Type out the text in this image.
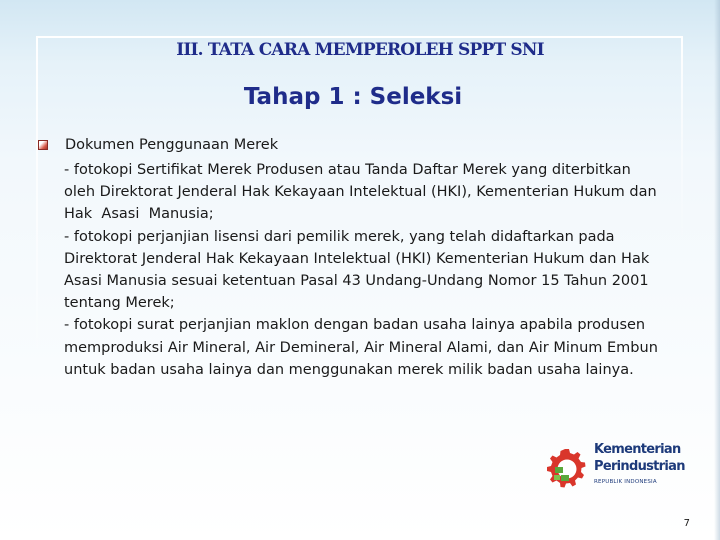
III. TATA CARA MEMPEROLEH SPPT SNI
Tahap 1 : Seleksi
Dokumen Penggunaan Merek

- fotokopi Sertifikat Merek Produsen atau Tanda Daftar Merek yang diterbitkan
oleh Direktorat Jenderal Hak Kekayaan Intelektual (HKI), Kementerian Hukum dan
Hak  Asasi  Manusia;

- fotokopi perjanjian lisensi dari pemilik merek, yang telah didaftarkan pada
Direktorat Jenderal Hak Kekayaan Intelektual (HKI) Kementerian Hukum dan Hak
Asasi Manusia sesuai ketentuan Pasal 43 Undang-Undang Nomor 15 Tahun 2001
tentang Merek;

- fotokopi surat perjanjian maklon dengan badan usaha lainya apabila produsen
memproduksi Air Mineral, Air Demineral, Air Mineral Alami, dan Air Minum Embun
untuk badan usaha lainya dan menggunakan merek milik badan usaha lainya.

Kementerian
Perindustrian
REPUBLIK INDONESIA
7
